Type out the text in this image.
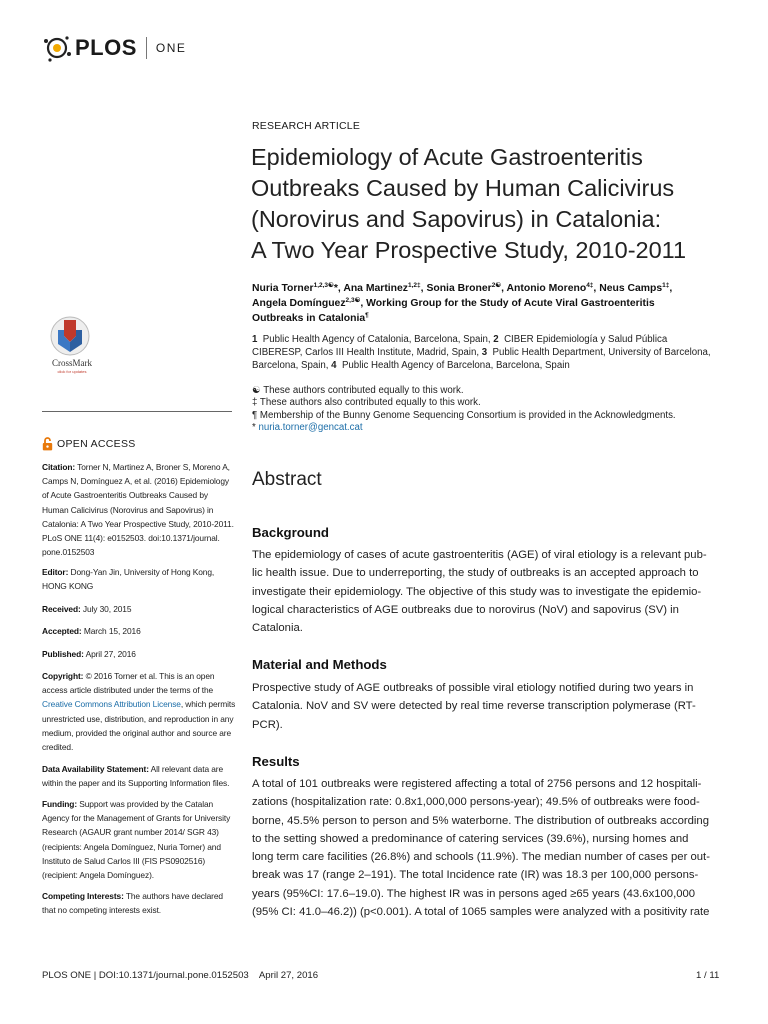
PLOS ONE
CrossMark
click for updates
OPEN ACCESS
Citation: Torner N, Martinez A, Broner S, Moreno A,
Camps N, Domínguez A, et al. (2016) Epidemiology
of Acute Gastroenteritis Outbreaks Caused by
Human Calicivirus (Norovirus and Sapovirus) in
Catalonia: A Two Year Prospective Study, 2010-2011.
PLoS ONE 11(4): e0152503. doi:10.1371/journal.
pone.0152503
Editor: Dong-Yan Jin, University of Hong Kong,
HONG KONG
Received: July 30, 2015
Accepted: March 15, 2016
Published: April 27, 2016
Copyright: © 2016 Torner et al. This is an open
access article distributed under the terms of the
Creative Commons Attribution License, which permits
unrestricted use, distribution, and reproduction in any
medium, provided the original author and source are
credited.
Data Availability Statement: All relevant data are
within the paper and its Supporting Information files.
Funding: Support was provided by the Catalan
Agency for the Management of Grants for University
Research (AGAUR grant number 2014/ SGR 43)
(recipients: Angela Domínguez, Nuria Torner) and
Instituto de Salud Carlos III (FIS PS0902516)
(recipient: Angela Domínguez).
Competing Interests: The authors have declared
that no competing interests exist.
RESEARCH ARTICLE
Epidemiology of Acute Gastroenteritis
Outbreaks Caused by Human Calicivirus
(Norovirus and Sapovirus) in Catalonia:
A Two Year Prospective Study, 2010-2011
Nuria Torner$^{1,2,3☯}$*, Ana Martinez$^{1,2\ddagger}$, Sonia Broner$^{2☯}$, Antonio Moreno$^{4\ddagger}$, Neus Camps$^{1\ddagger}$,
Angela Domínguez$^{2,3☯}$, Working Group for the Study of Acute Viral Gastroenteritis
Outbreaks in Catalonia¶
1 Public Health Agency of Catalonia, Barcelona, Spain, 2 CIBER Epidemiología y Salud Pública
CIBERESP, Carlos III Health Institute, Madrid, Spain, 3 Public Health Department, University of Barcelona,
Barcelona, Spain, 4 Public Health Agency of Barcelona, Barcelona, Spain
☯ These authors contributed equally to this work.
‡ These authors also contributed equally to this work.
¶ Membership of the Bunny Genome Sequencing Consortium is provided in the Acknowledgments.
* nuria.torner@gencat.cat
Abstract
Background
The epidemiology of cases of acute gastroenteritis (AGE) of viral etiology is a relevant pub-
lic health issue. Due to underreporting, the study of outbreaks is an accepted approach to
investigate their epidemiology. The objective of this study was to investigate the epidemio-
logical characteristics of AGE outbreaks due to norovirus (NoV) and sapovirus (SV) in
Catalonia.
Material and Methods
Prospective study of AGE outbreaks of possible viral etiology notified during two years in
Catalonia. NoV and SV were detected by real time reverse transcription polymerase (RT-
PCR).
Results
A total of 101 outbreaks were registered affecting a total of 2756 persons and 12 hospitali-
zations (hospitalization rate: 0.8x1,000,000 persons-year); 49.5% of outbreaks were food-
borne, 45.5% person to person and 5% waterborne. The distribution of outbreaks according
to the setting showed a predominance of catering services (39.6%), nursing homes and
long term care facilities (26.8%) and schools (11.9%). The median number of cases per out-
break was 17 (range 2–191). The total Incidence rate (IR) was 18.3 per 100,000 persons-
years (95%CI: 17.6–19.0). The highest IR was in persons aged ≥65 years (43.6x100,000
(95% CI: 41.0–46.2)) (p<0.001). A total of 1065 samples were analyzed with a positivity rate
PLOS ONE | DOI:10.1371/journal.pone.0152503    April 27, 2016	1 / 11
